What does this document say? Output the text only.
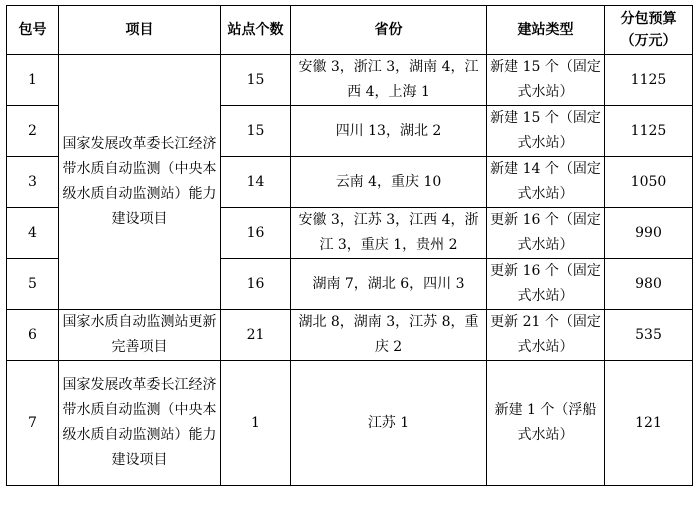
包号	项目	站点个数	省份	建站类型	分包预算（万元）
1	国家发展改革委长江经济带水质自动监测（中央本级水质自动监测站）能力建设项目	15	安徽 3，浙江 3，湖南 4，江西 4，上海 1	新建 15 个（固定式水站）	1125
2		15	四川 13，湖北 2	新建 15 个（固定式水站）	1125
3		14	云南 4，重庆 10	新建 14 个（固定式水站）	1050
4		16	安徽 3，江苏 3，江西 4，浙江 3，重庆 1，贵州 2	更新 16 个（固定式水站）	990
5		16	湖南 7，湖北 6，四川 3	更新 16 个（固定式水站）	980
6	国家水质自动监测站更新完善项目	21	湖北 8，湖南 3，江苏 8，重庆 2	更新 21 个（固定式水站）	535
7	国家发展改革委长江经济带水质自动监测（中央本级水质自动监测站）能力建设项目	1	江苏 1	新建 1 个（浮船式水站）	121
